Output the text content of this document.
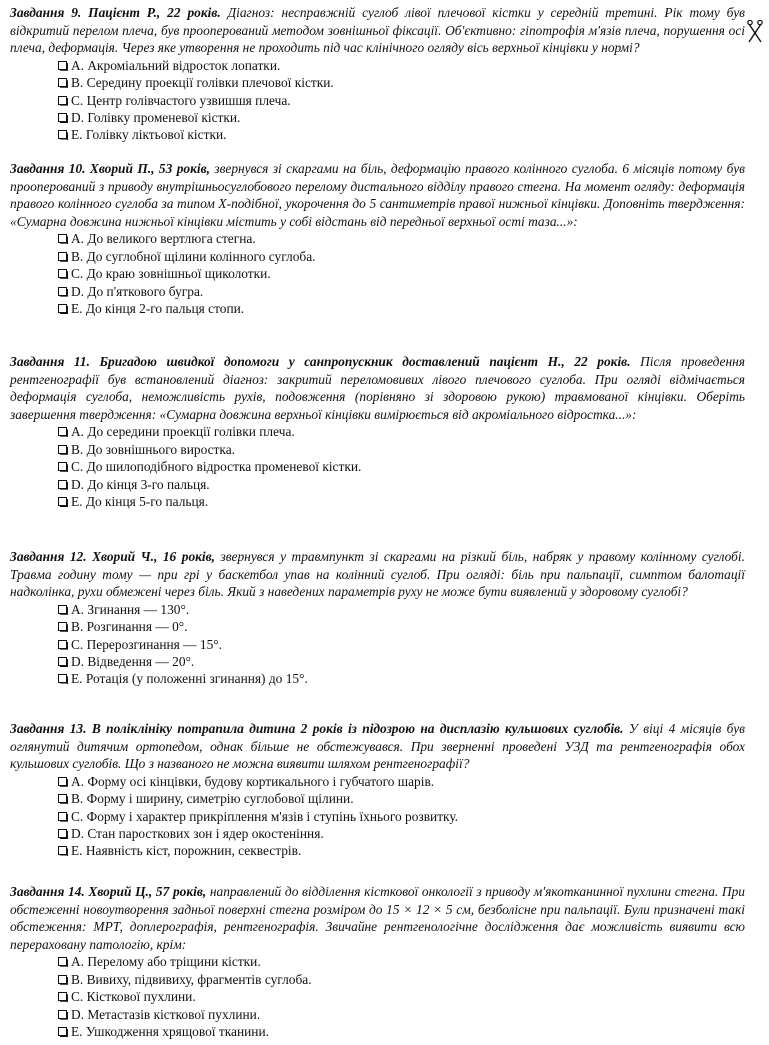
Завдання 9. Пацієнт Р., 22 років. Діагноз: несправжній суглоб лівої плечової кістки у середній третині. Рік тому був відкритий перелом плеча, був прооперований методом зовнішньої фіксації. Об'єктивно: гіпотрофія м'язів плеча, порушення осі плеча, деформація. Через яке утворення не проходить під час клінічного огляду вісь верхньої кінцівки у нормі?

A. Акроміальний відросток лопатки.
B. Середину проекції голівки плечової кістки.
C. Центр голівчастого узвишшя плеча.
D. Голівку променевої кістки.
E. Голівку ліктьової кістки.

Завдання 10. Хворий П., 53 років, звернувся зі скаргами на біль, деформацію правого колінного суглоба. 6 місяців потому був прооперований з приводу внутрішньосуглобового перелому дистального відділу правого стегна. На момент огляду: деформація правого колінного суглоба за типом Х-подібної, укорочення до 5 сантиметрів правої нижньої кінцівки. Доповніть твердження: «Сумарна довжина нижньої кінцівки містить у собі відстань від передньої верхньої ості таза...»:

A. До великого вертлюга стегна.
B. До суглобної щілини колінного суглоба.
C. До краю зовнішньої щиколотки.
D. До п'яткового бугра.
E. До кінця 2-го пальця стопи.

Завдання 11. Бригадою швидкої допомоги у санпропускник доставлений пацієнт Н., 22 років. Після проведення рентгенографії був встановлений діагноз: закритий переломовивих лівого плечового суглоба. При огляді відмічається деформація суглоба, неможливість рухів, подовження (порівняно зі здоровою рукою) травмованої кінцівки. Оберіть завершення твердження: «Сумарна довжина верхньої кінцівки вимірюється від акроміального відростка...»:

A. До середини проекції голівки плеча.
B. До зовнішнього виростка.
C. До шилоподібного відростка променевої кістки.
D. До кінця 3-го пальця.
E. До кінця 5-го пальця.

Завдання 12. Хворий Ч., 16 років, звернувся у травмпункт зі скаргами на різкий біль, набряк у правому колінному суглобі. Травма годину тому — при грі у баскетбол упав на колінний суглоб. При огляді: біль при пальпації, симптом балотації надколінка, рухи обмежені через біль. Який з наведених параметрів руху не може бути виявлений у здоровому суглобі?

A. Згинання — 130°.
B. Розгинання — 0°.
C. Перерозгинання — 15°.
D. Відведення — 20°.
E. Ротація (у положенні згинання) до 15°.

Завдання 13. В поліклініку потрапила дитина 2 років із підозрою на дисплазію кульшових суглобів. У віці 4 місяців був оглянутий дитячим ортопедом, однак більше не обстежувався. При зверненні проведені УЗД та рентгенографія обох кульшових суглобів. Що з названого не можна виявити шляхом рентгенографії?

A. Форму осі кінцівки, будову кортикального і губчатого шарів.
B. Форму і ширину, симетрію суглобової щілини.
C. Форму і характер прикріплення м'язів і ступінь їхнього розвитку.
D. Стан паросткових зон і ядер окостеніння.
E. Наявність кіст, порожнин, секвестрів.

Завдання 14. Хворий Ц., 57 років, направлений до відділення кісткової онкології з приводу м'якотканинної пухлини стегна. При обстеженні новоутворення задньої поверхні стегна розміром до 15 × 12 × 5 см, безболісне при пальпації. Були призначені такі обстеження: МРТ, доплерографія, рентгенографія. Звичайне рентгенологічне дослідження дає можливість виявити всю перераховану патологію, крім:

A. Перелому або тріщини кістки.
B. Вивиху, підвивиху, фрагментів суглоба.
C. Кісткової пухлини.
D. Метастазів кісткової пухлини.
E. Ушкодження хрящової тканини.
